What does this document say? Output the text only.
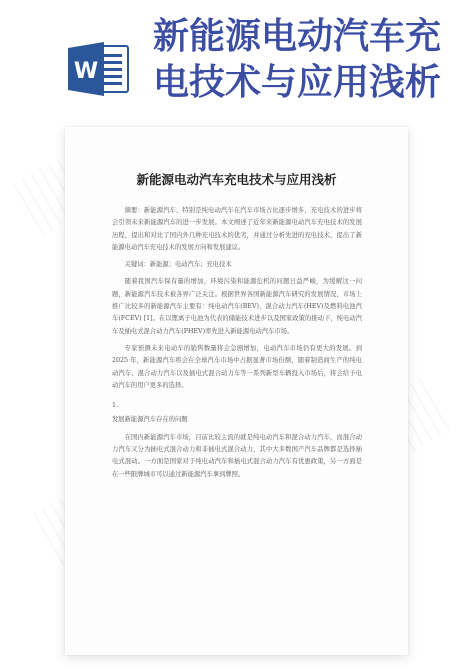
W
新能源电动汽车充
电技术与应用浅析
新能源电动汽车充电技术与应用浅析

摘要：新能源汽车、特别是纯电动汽车在汽车市场占比逐步增多，充电技术的进步将会引领未来新能源汽车的进一步发展。本文阐述了近年来新能源电动汽车充电技术的发展历程，提出和对比了国内外几种充电技术的优劣，并通过分析先进的充电技术，提出了新能源电动汽车充电技术的发展方向和发展建议。

关键词：新能源；电动汽车；充电技术

随着我国汽车保有量的增加，环境污染和能源危机的问题日益严峻，为缓解这一问题，新能源汽车技术被各界广泛关注。根据世界各国新能源汽车研究的发展情况，市场上推广比较多的新能源汽车主要有：纯电动汽车(BEV)、混合动力汽车(HEV)及燃料电池汽车(FCEV) [1]。在以锂离子电池为代表的储能技术进步以及国家政策的推动下，纯电动汽车及插电式混合动力汽车(PHEV)率先进入新能源电动汽车市场。

专家预测未来电动车的销售数量将会急剧增加，电动汽车市场仍有更大的发展。到 2025 年，新能源汽车将会在全球汽车市场中占据显著市场份额，随着制造商生产的纯电动汽车、混合动力汽车以及插电式混合动力车等一系列新型车辆投入市场后，将会给予电动汽车的用户更多的选择。

1.

发展新能源汽车存在的问题

在国内新能源汽车市场，目前比较主流的就是纯电动汽车和混合动力汽车，而混合动力汽车又分为插电式混合动力和非插电式混合动力，其中大多数国产汽车品牌都是选择插电式混动。一方面是国家对于纯电动汽车和插电式混合动力汽车有优惠政策，另一方面是在一些限牌城市可以通过新能源汽车拿到牌照。
